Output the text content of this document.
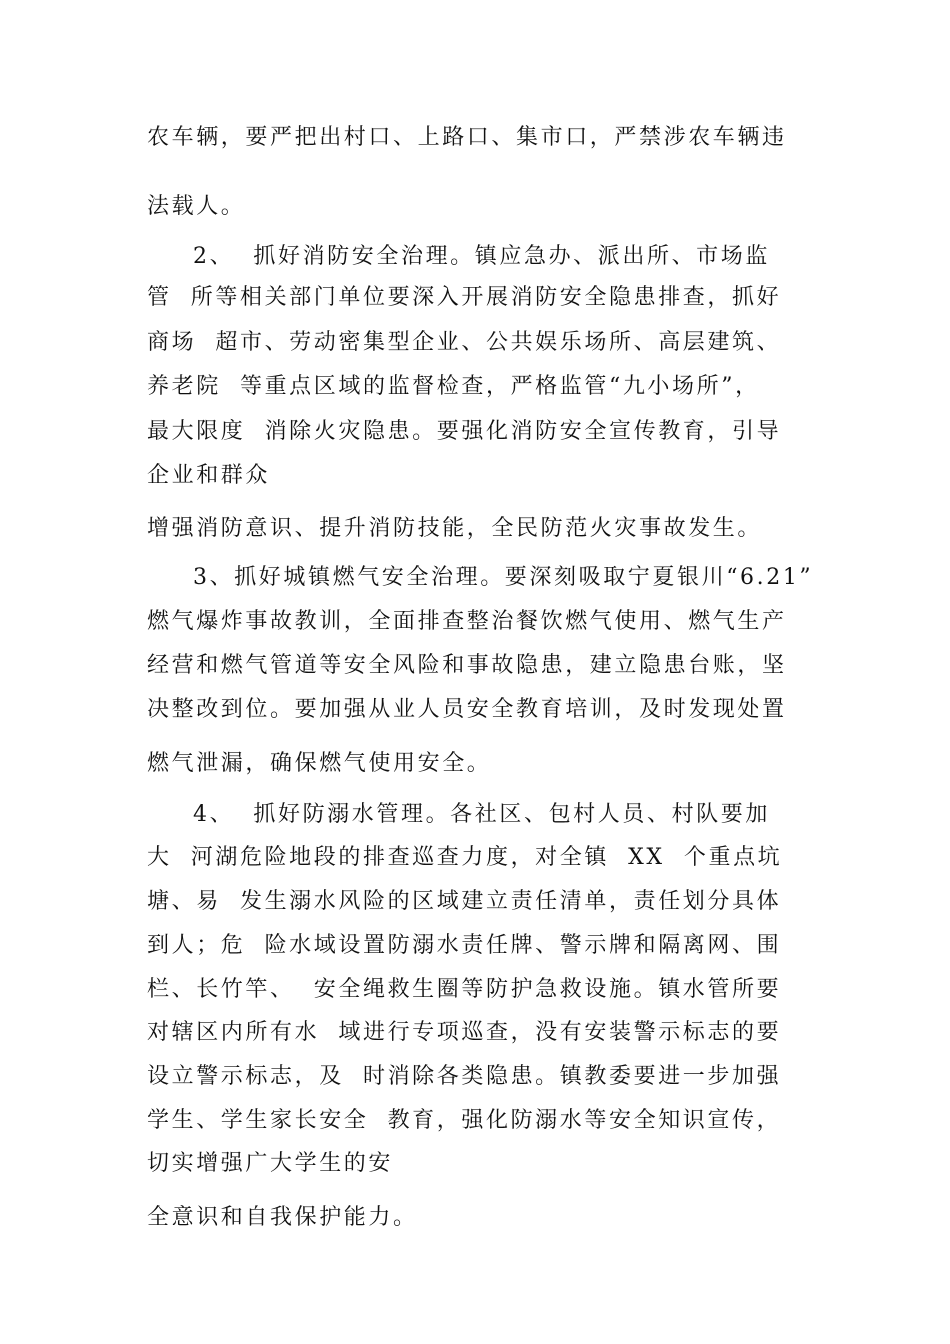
农车辆，要严把出村口、上路口、集市口，严禁涉农车辆违
法载人。
2、  抓好消防安全治理。镇应急办、派出所、市场监
管  所等相关部门单位要深入开展消防安全隐患排查，抓好
商场  超市、劳动密集型企业、公共娱乐场所、高层建筑、
养老院  等重点区域的监督检查，严格监管“九小场所”，
最大限度  消除火灾隐患。要强化消防安全宣传教育，引导
企业和群众
增强消防意识、提升消防技能，全民防范火灾事故发生。
3、抓好城镇燃气安全治理。要深刻吸取宁夏银川“6.21”
燃气爆炸事故教训，全面排查整治餐饮燃气使用、燃气生产
经营和燃气管道等安全风险和事故隐患，建立隐患台账，坚
决整改到位。要加强从业人员安全教育培训，及时发现处置
燃气泄漏，确保燃气使用安全。
4、  抓好防溺水管理。各社区、包村人员、村队要加
大  河湖危险地段的排查巡查力度，对全镇  XX  个重点坑
塘、易  发生溺水风险的区域建立责任清单，责任划分具体
到人；危  险水域设置防溺水责任牌、警示牌和隔离网、围
栏、长竹竿、  安全绳救生圈等防护急救设施。镇水管所要
对辖区内所有水  域进行专项巡查，没有安装警示标志的要
设立警示标志，及  时消除各类隐患。镇教委要进一步加强
学生、学生家长安全  教育，强化防溺水等安全知识宣传，
切实增强广大学生的安
全意识和自我保护能力。
